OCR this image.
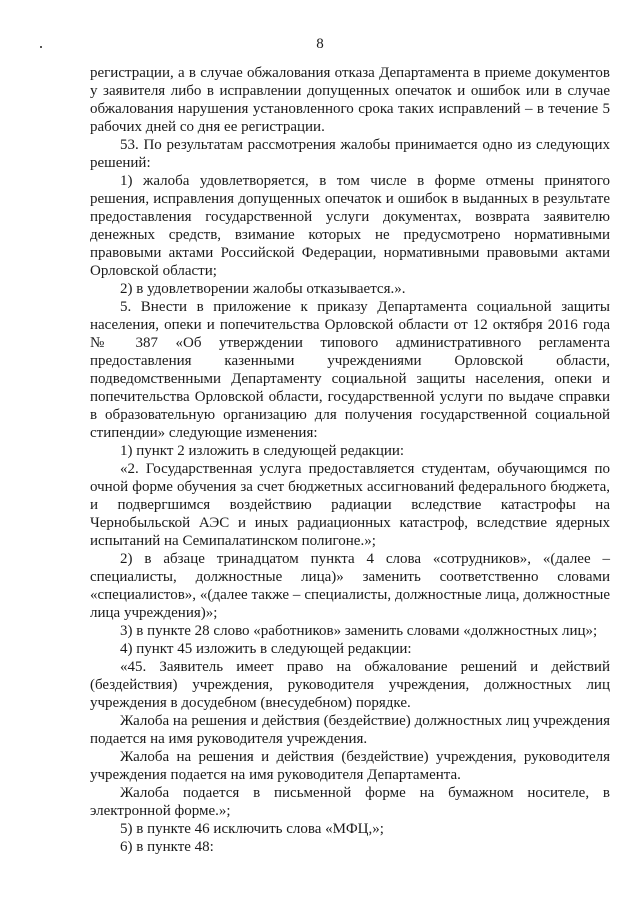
8

регистрации, а в случае обжалования отказа Департамента в приеме документов у заявителя либо в исправлении допущенных опечаток и ошибок или в случае обжалования нарушения установленного срока таких исправлений – в течение 5 рабочих дней со дня ее регистрации.

53. По результатам рассмотрения жалобы принимается одно из следующих решений:

1) жалоба удовлетворяется, в том числе в форме отмены принятого решения, исправления допущенных опечаток и ошибок в выданных в результате предоставления государственной услуги документах, возврата заявителю денежных средств, взимание которых не предусмотрено нормативными правовыми актами Российской Федерации, нормативными правовыми актами Орловской области;

2) в удовлетворении жалобы отказывается.».

5. Внести в приложение к приказу Департамента социальной защиты населения, опеки и попечительства Орловской области от 12 октября 2016 года № 387 «Об утверждении типового административного регламента предоставления казенными учреждениями Орловской области, подведомственными Департаменту социальной защиты населения, опеки и попечительства Орловской области, государственной услуги по выдаче справки в образовательную организацию для получения государственной социальной стипендии» следующие изменения:

1) пункт 2 изложить в следующей редакции:

«2. Государственная услуга предоставляется студентам, обучающимся по очной форме обучения за счет бюджетных ассигнований федерального бюджета, и подвергшимся воздействию радиации вследствие катастрофы на Чернобыльской АЭС и иных радиационных катастроф, вследствие ядерных испытаний на Семипалатинском полигоне.»;

2) в абзаце тринадцатом пункта 4 слова «сотрудников», «(далее – специалисты, должностные лица)» заменить соответственно словами «специалистов», «(далее также – специалисты, должностные лица, должностные лица учреждения)»;

3) в пункте 28 слово «работников» заменить словами «должностных лиц»;

4) пункт 45 изложить в следующей редакции:

«45. Заявитель имеет право на обжалование решений и действий (бездействия) учреждения, руководителя учреждения, должностных лиц учреждения в досудебном (внесудебном) порядке.

Жалоба на решения и действия (бездействие) должностных лиц учреждения подается на имя руководителя учреждения.

Жалоба на решения и действия (бездействие) учреждения, руководителя учреждения подается на имя руководителя Департамента.

Жалоба подается в письменной форме на бумажном носителе, в электронной форме.»;

5) в пункте 46 исключить слова «МФЦ,»;

6) в пункте 48:
